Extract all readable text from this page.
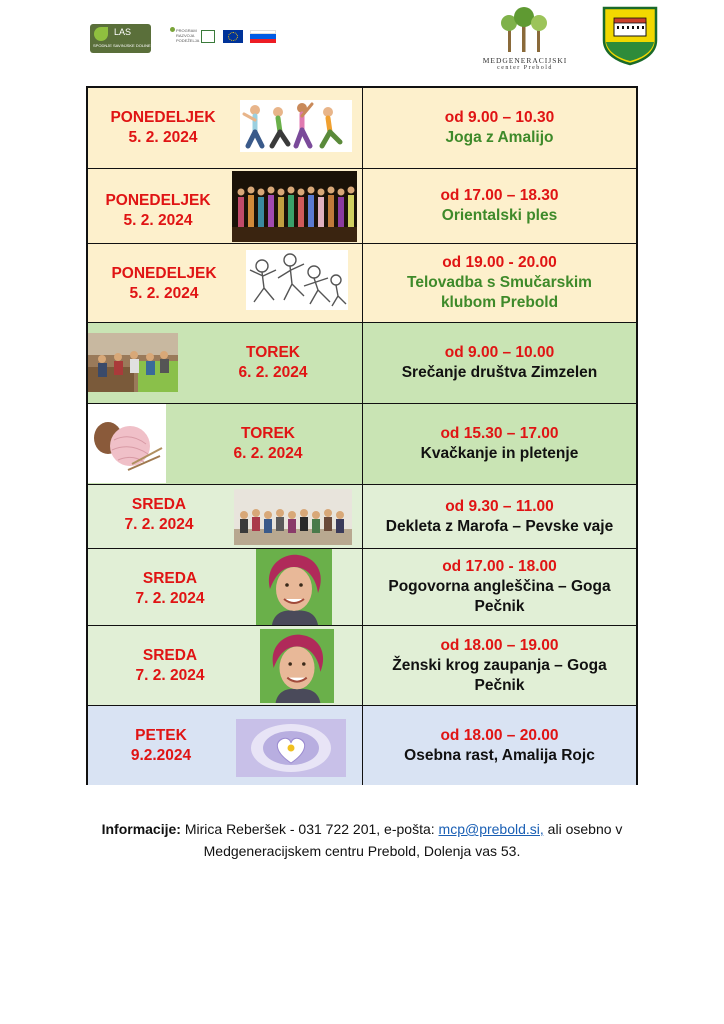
LAS
SPODNJE SAVINJSKE DOLINE
PROGRAM RAZVOJA PODEŽELJA
MEDGENERACIJSKI
center Prebold
PONEDELJEK
5. 2. 2024
od 9.00 – 10.30
Joga z Amalijo
PONEDELJEK
5. 2. 2024
od 17.00 – 18.30
Orientalski ples
PONEDELJEK
5. 2. 2024
od 19.00 - 20.00
Telovadba s Smučarskim
klubom Prebold
TOREK
6. 2. 2024
od 9.00 – 10.00
Srečanje društva Zimzelen
TOREK
6. 2. 2024
od 15.30 – 17.00
Kvačkanje in pletenje
SREDA
7. 2. 2024
od 9.30 – 11.00
Dekleta z Marofa – Pevske vaje
SREDA
7. 2. 2024
od 17.00 - 18.00
Pogovorna angleščina – Goga
Pečnik
SREDA
7. 2. 2024
od 18.00 – 19.00
Ženski krog zaupanja – Goga
Pečnik
PETEK
9.2.2024
od 18.00 – 20.00
Osebna rast, Amalija Rojc
Informacije: Mirica Reberšek - 031 722 201, e-pošta: mcp@prebold.si, ali osebno v
Medgeneracijskem centru Prebold, Dolenja vas 53.
